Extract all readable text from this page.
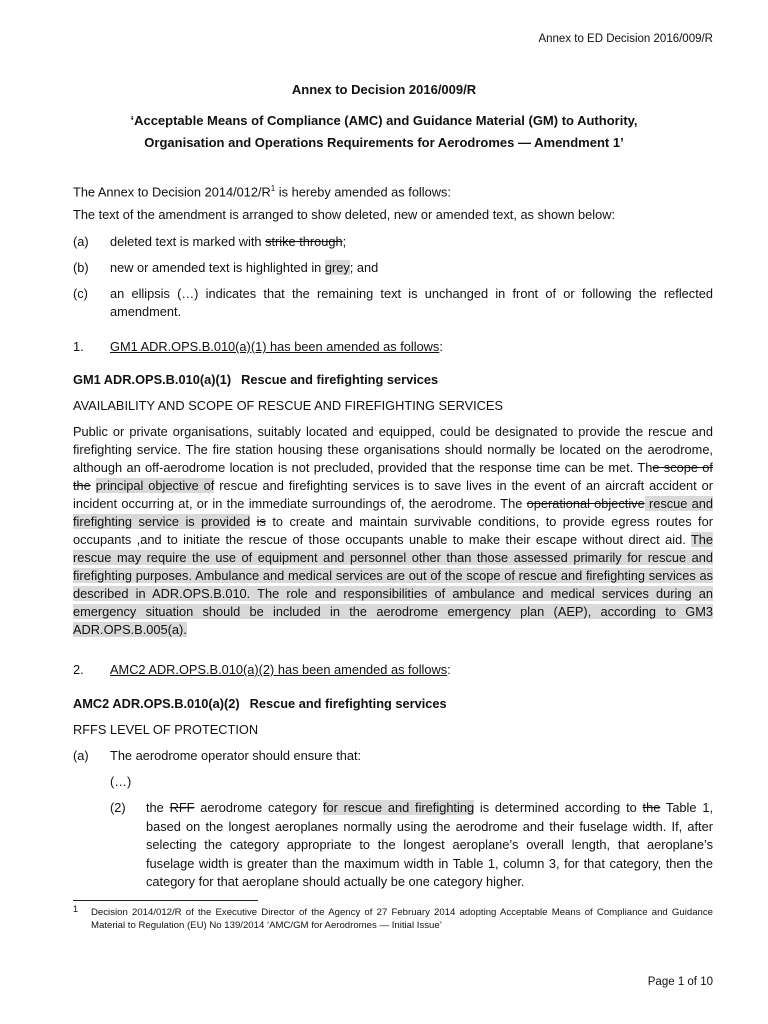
Annex to ED Decision 2016/009/R
Annex to Decision 2016/009/R
‘Acceptable Means of Compliance (AMC) and Guidance Material (GM) to Authority,
Organisation and Operations Requirements for Aerodromes — Amendment 1’

The Annex to Decision $2014/012/R^1$ is hereby amended as follows:

The text of the amendment is arranged to show deleted, new or amended text, as shown below:

(a) deleted text is marked with strike through;
(b) new or amended text is highlighted in grey; and
(c) an ellipsis (…) indicates that the remaining text is unchanged in front of or following the reflected amendment.
1. GM1 ADR.OPS.B.010(a)(1) has been amended as follows:

GM1 ADR.OPS.B.010(a)(1) Rescue and firefighting services

AVAILABILITY AND SCOPE OF RESCUE AND FIREFIGHTING SERVICES

Public or private organisations, suitably located and equipped, could be designated to provide the rescue and firefighting service. The fire station housing these organisations should normally be located on the aerodrome, although an off-aerodrome location is not precluded, provided that the response time can be met. The scope of the principal objective of rescue and firefighting services is to save lives in the event of an aircraft accident or incident occurring at, or in the immediate surroundings of, the aerodrome. The operational objective rescue and firefighting service is provided is to create and maintain survivable conditions, to provide egress routes for occupants ,and to initiate the rescue of those occupants unable to make their escape without direct aid. The rescue may require the use of equipment and personnel other than those assessed primarily for rescue and firefighting purposes. Ambulance and medical services are out of the scope of rescue and firefighting services as described in ADR.OPS.B.010. The role and responsibilities of ambulance and medical services during an emergency situation should be included in the aerodrome emergency plan (AEP), according to GM3 ADR.OPS.B.005(a).

2. AMC2 ADR.OPS.B.010(a)(2) has been amended as follows:

AMC2 ADR.OPS.B.010(a)(2) Rescue and firefighting services

RFFS LEVEL OF PROTECTION

(a) The aerodrome operator should ensure that:

(…)

(2) the RFF aerodrome category for rescue and firefighting is determined according to the Table 1, based on the longest aeroplanes normally using the aerodrome and their fuselage width. If, after selecting the category appropriate to the longest aeroplane’s overall length, that aeroplane’s fuselage width is greater than the maximum width in Table 1, column 3, for that category, then the category for that aeroplane should actually be one category higher.
1 Decision 2014/012/R of the Executive Director of the Agency of 27 February 2014 adopting Acceptable Means of Compliance and Guidance Material to Regulation (EU) No 139/2014 ‘AMC/GM for Aerodromes — Initial Issue’
Page 1 of 10
